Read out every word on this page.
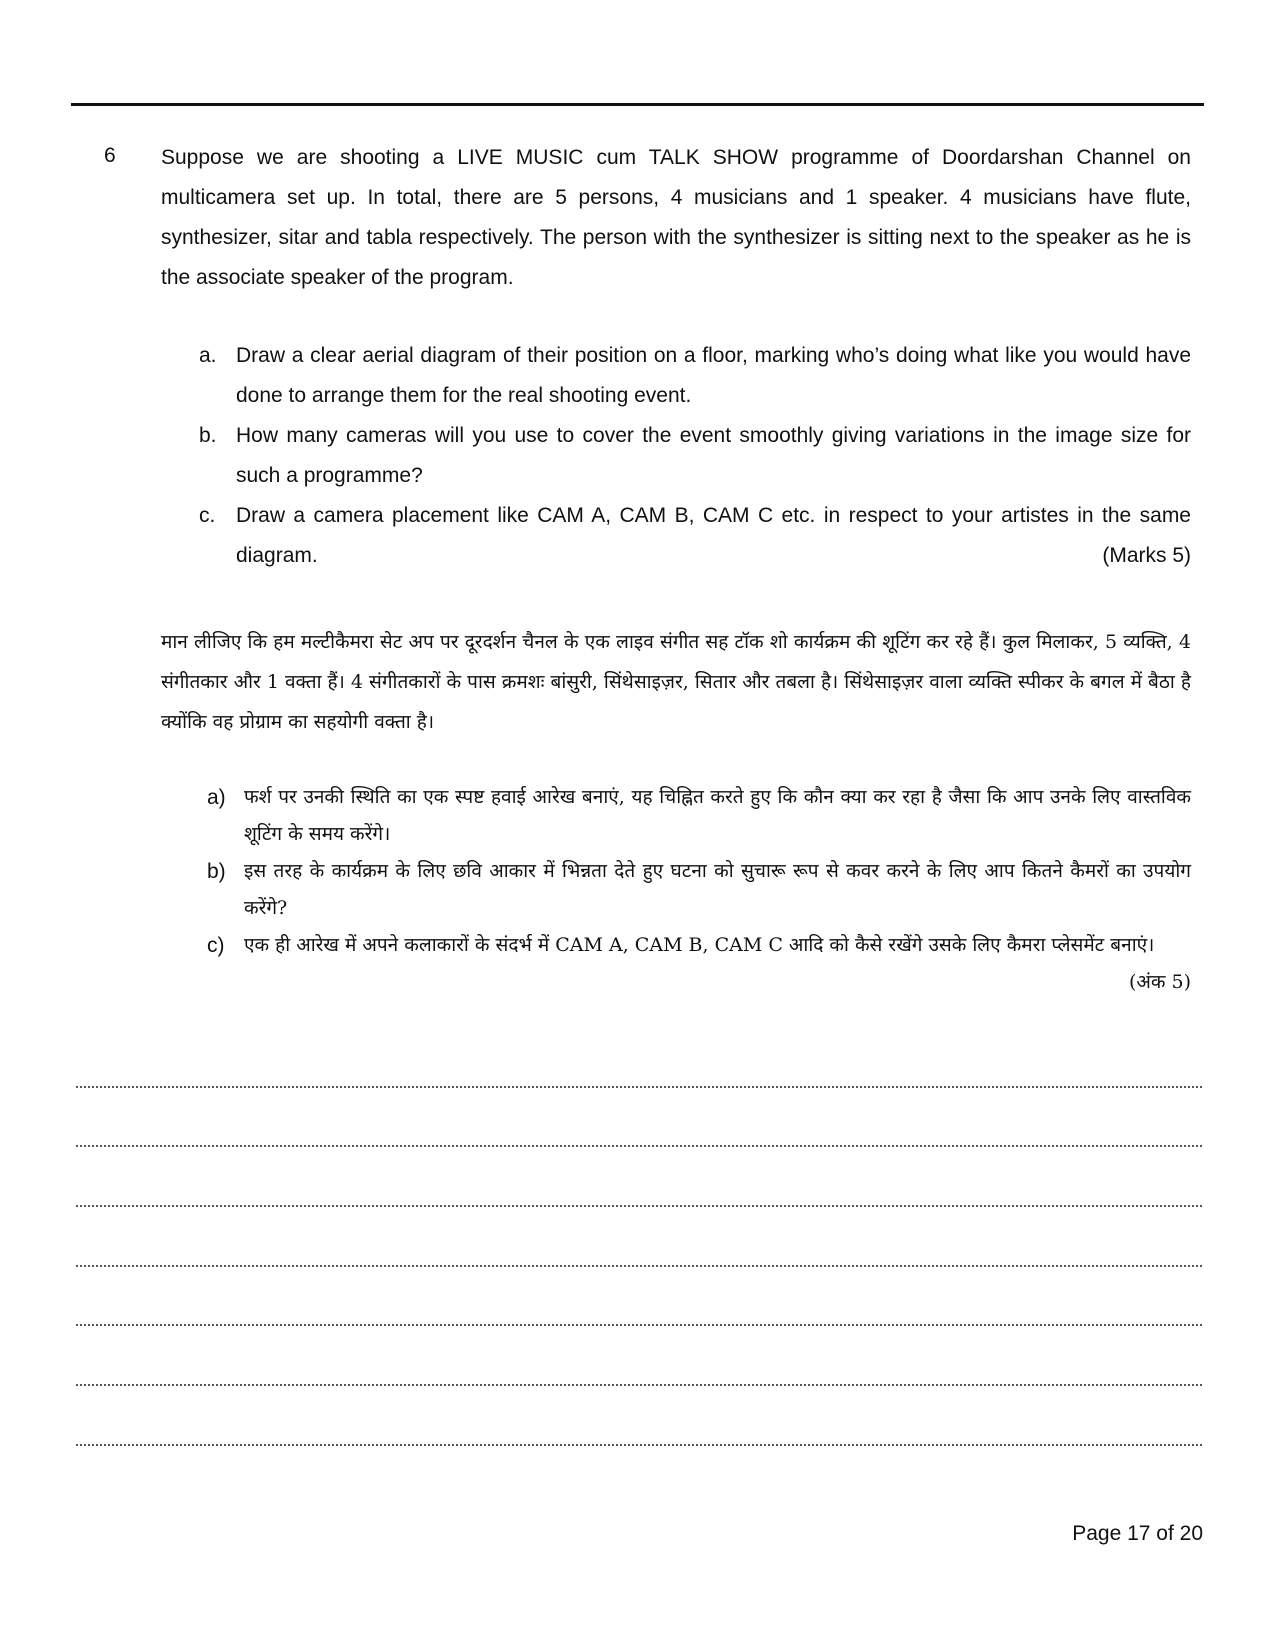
6 Suppose we are shooting a LIVE MUSIC cum TALK SHOW programme of Doordarshan Channel on multicamera set up. In total, there are 5 persons, 4 musicians and 1 speaker. 4 musicians have flute, synthesizer, sitar and tabla respectively. The person with the synthesizer is sitting next to the speaker as he is the associate speaker of the program.
a. Draw a clear aerial diagram of their position on a floor, marking who’s doing what like you would have done to arrange them for the real shooting event.
b. How many cameras will you use to cover the event smoothly giving variations in the image size for such a programme?
c. Draw a camera placement like CAM A, CAM B, CAM C etc. in respect to your artistes in the same diagram.	(Marks 5)
मान लीजिए कि हम मल्टीकैमरा सेट अप पर दूरदर्शन चैनल के एक लाइव संगीत सह टॉक शो कार्यक्रम की शूटिंग कर रहे हैं। कुल मिलाकर, 5 व्यक्ति, 4 संगीतकार और 1 वक्ता हैं। 4 संगीतकारों के पास क्रमशः बांसुरी, सिंथेसाइज़र, सितार और तबला है। सिंथेसाइज़र वाला व्यक्ति स्पीकर के बगल में बैठा है क्योंकि वह प्रोग्राम का सहयोगी वक्ता है।
a) फर्श पर उनकी स्थिति का एक स्पष्ट हवाई आरेख बनाएं, यह चिह्नित करते हुए कि कौन क्या कर रहा है जैसा कि आप उनके लिए वास्तविक शूटिंग के समय करेंगे।
b) इस तरह के कार्यक्रम के लिए छवि आकार में भिन्नता देते हुए घटना को सुचारू रूप से कवर करने के लिए आप कितने कैमरों का उपयोग करेंगे?
c) एक ही आरेख में अपने कलाकारों के संदर्भ में CAM A, CAM B, CAM C आदि को कैसे रखेंगे उसके लिए कैमरा प्लेसमेंट बनाएं।
(अंक 5)
Page 17 of 20
